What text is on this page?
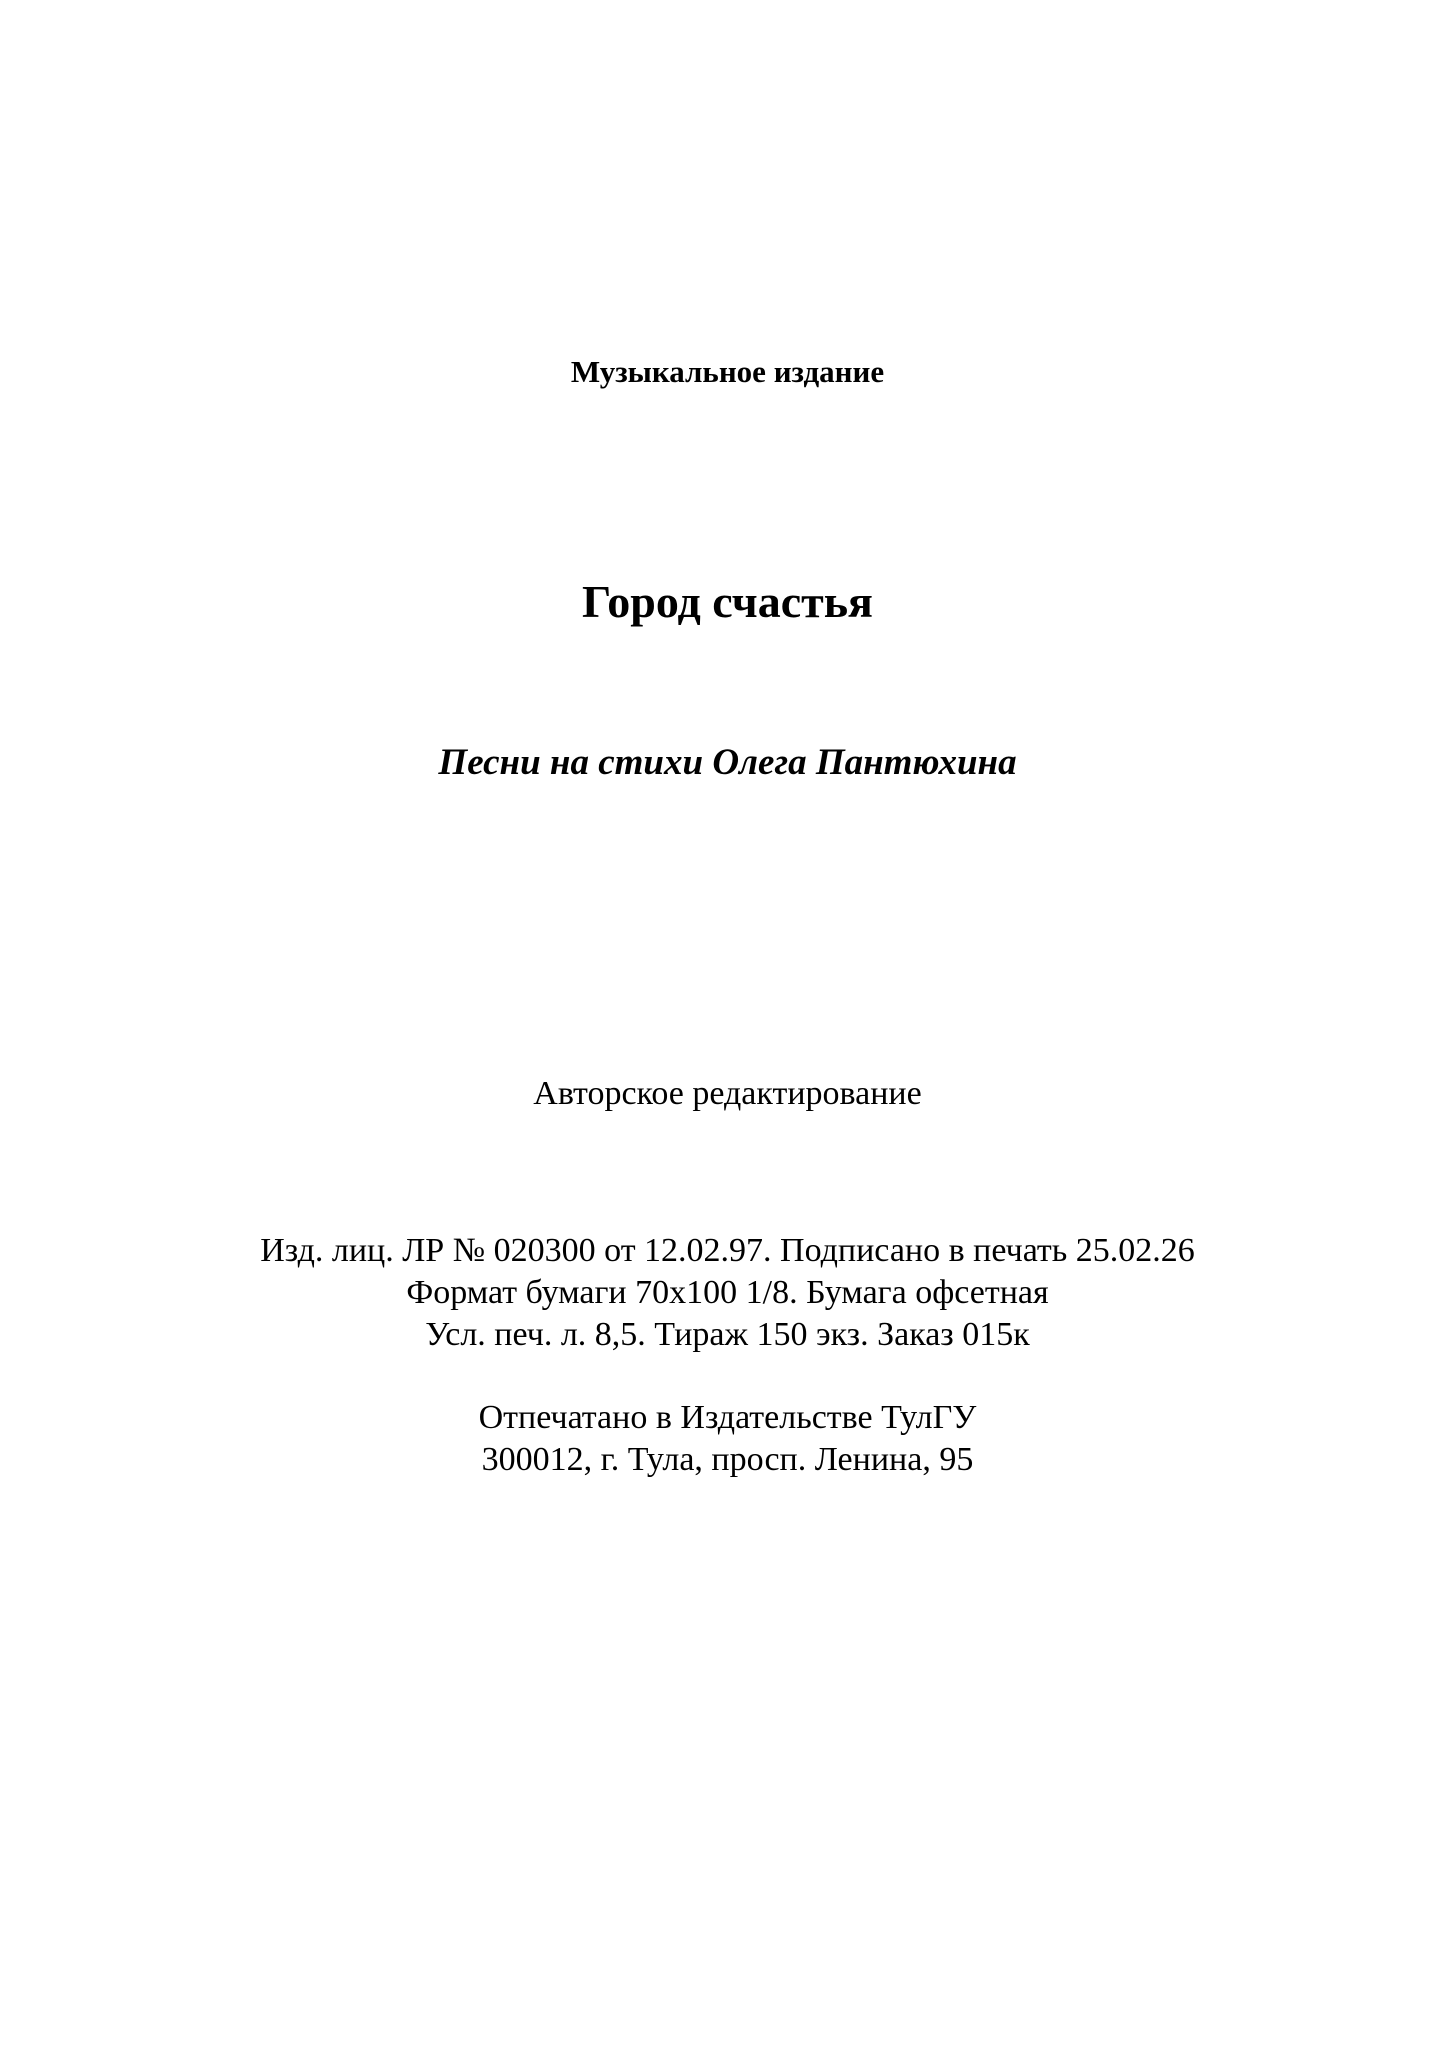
Музыкальное издание
Город счастья
Песни на стихи Олега Пантюхина
Авторское редактирование
Изд. лиц. ЛР № 020300 от 12.02.97. Подписано в печать 25.02.26
Формат бумаги 70х100 1/8. Бумага офсетная
Усл. печ. л. 8,5. Тираж 150 экз. Заказ 015к
Отпечатано в Издательстве ТулГУ
300012, г. Тула, просп. Ленина, 95
